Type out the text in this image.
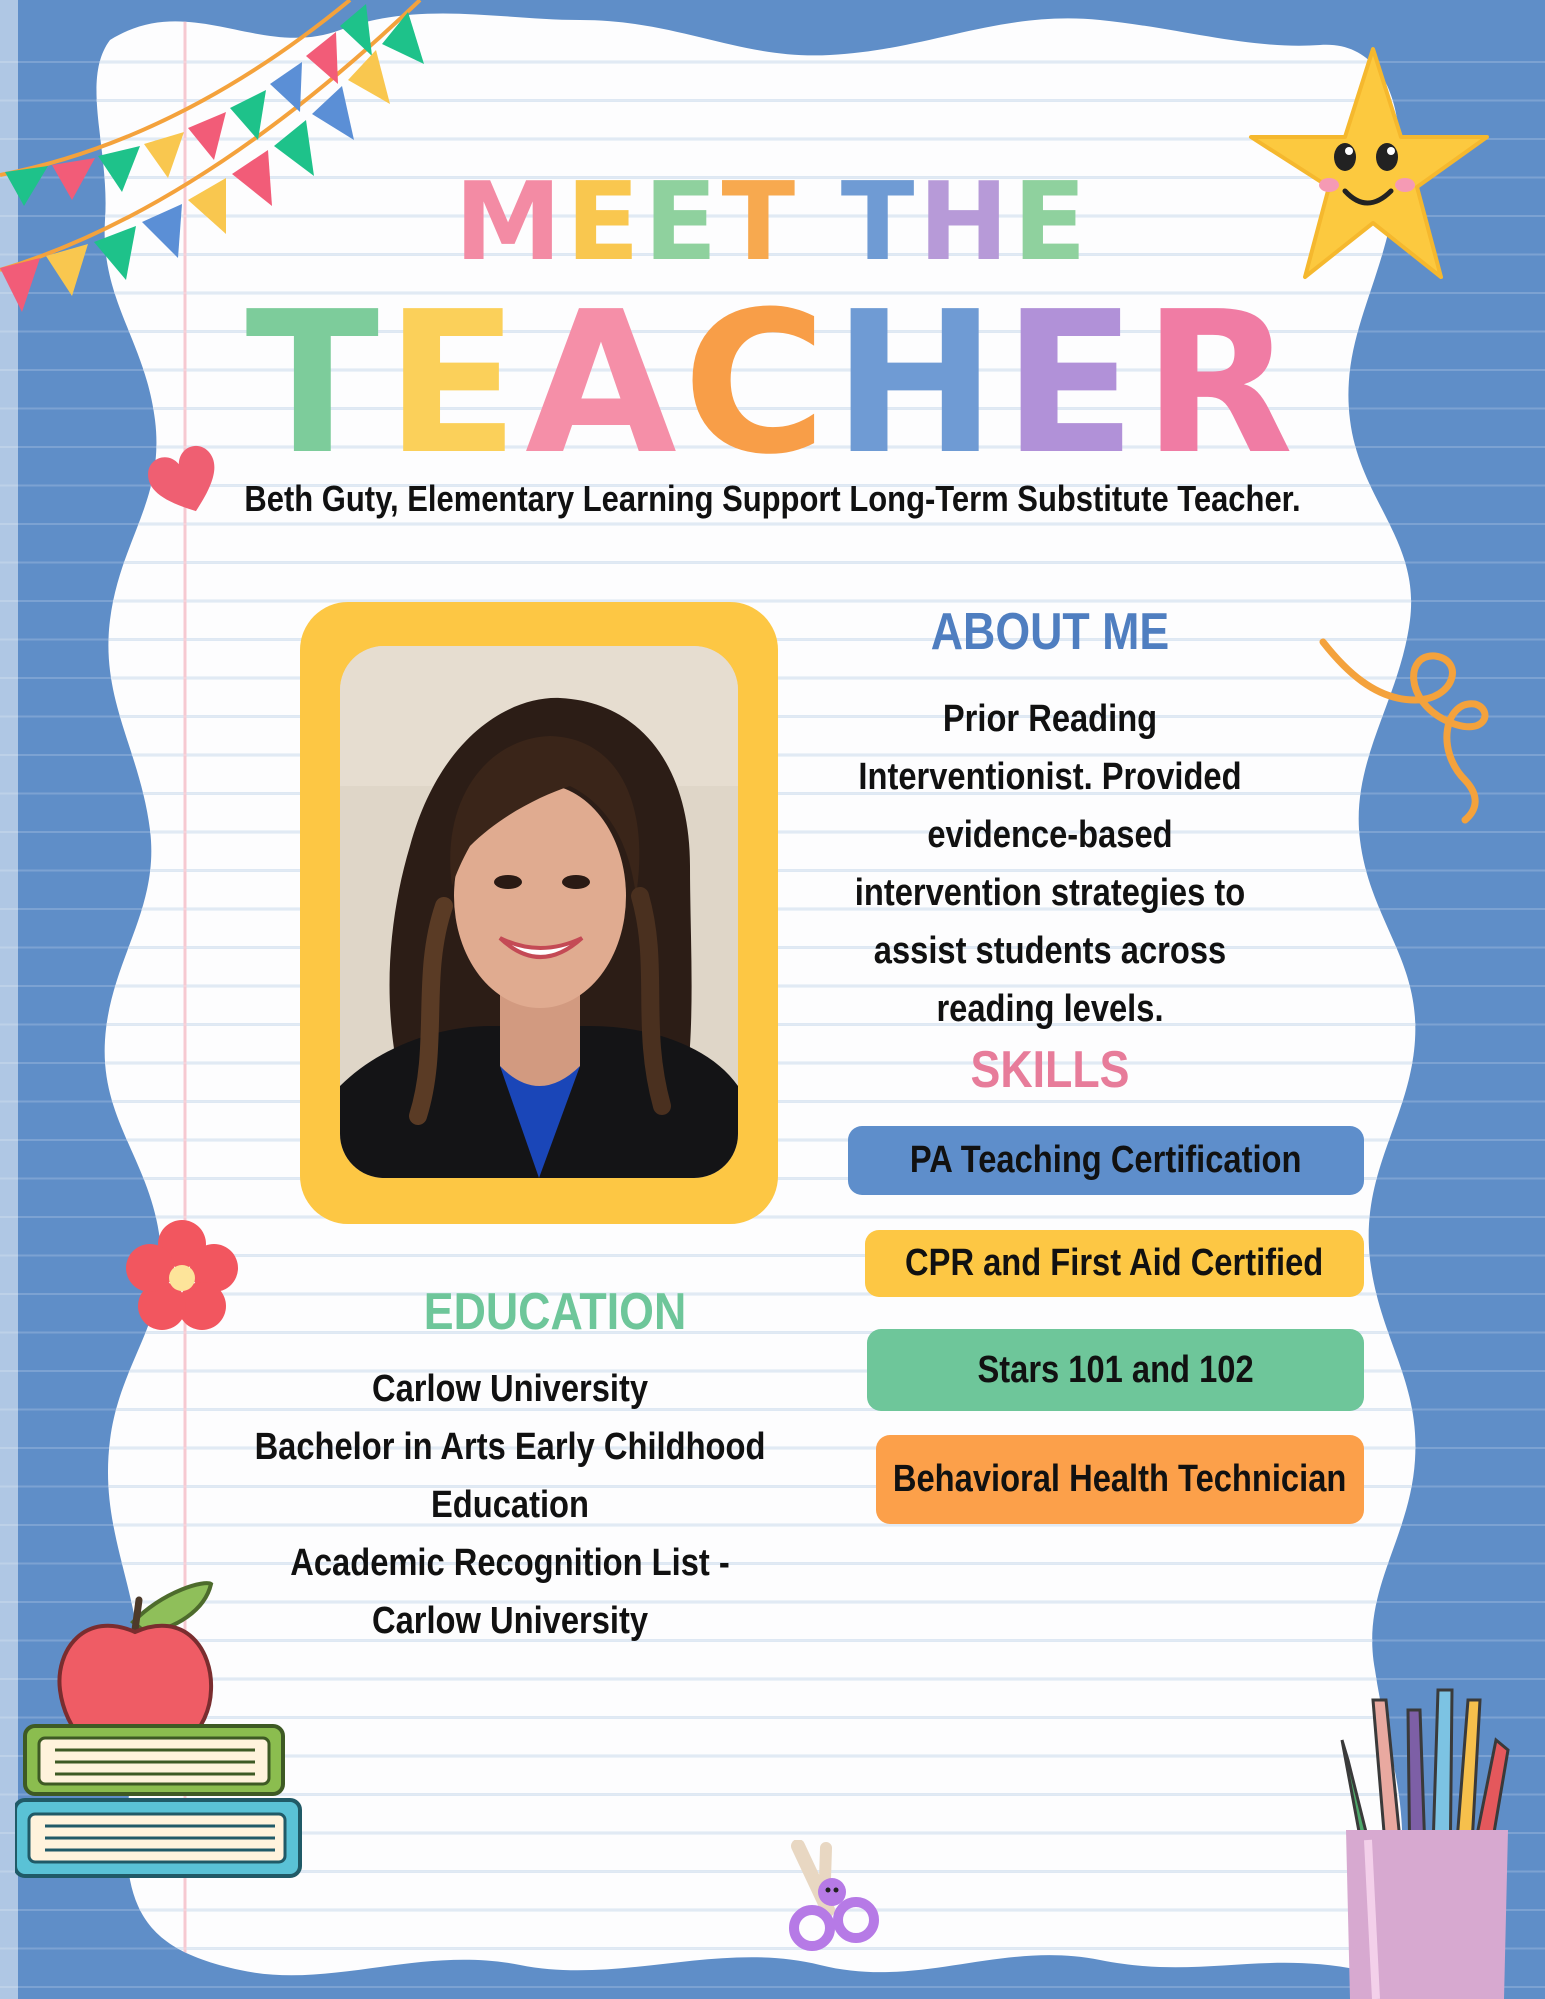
MEET THE
TEACHER
Beth Guty, Elementary Learning Support Long-Term Substitute Teacher.
ABOUT ME
Prior Reading
Interventionist. Provided
evidence-based
intervention strategies to
assist students across
reading levels.
SKILLS
PA Teaching Certification
CPR and First Aid Certified
Stars 101 and 102
Behavioral Health Technician
EDUCATION
Carlow University
Bachelor in Arts Early Childhood
Education
Academic Recognition List -
Carlow University
